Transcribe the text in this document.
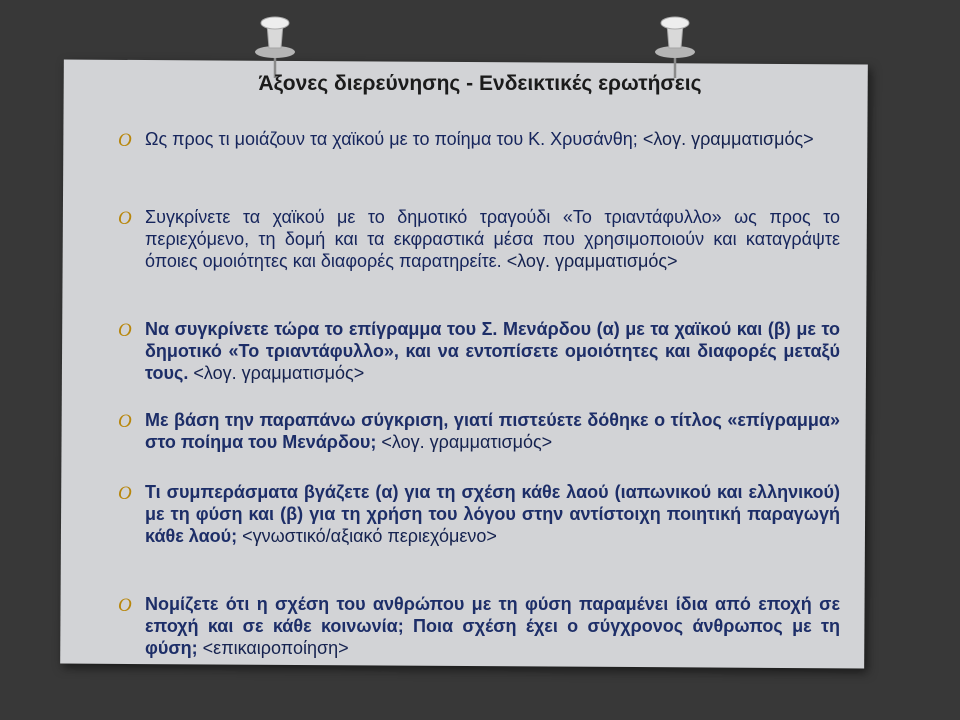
Άξονες διερεύνησης - Ενδεικτικές ερωτήσεις
O Ως προς τι μοιάζουν τα χαϊκού με το ποίημα του Κ. Χρυσάνθη; <λογ. γραμματισμός>
O Συγκρίνετε τα χαϊκού με το δημοτικό τραγούδι «Το τριαντάφυλλο» ως προς το περιεχόμενο, τη δομή και τα εκφραστικά μέσα που χρησιμοποιούν και καταγράψτε όποιες ομοιότητες και διαφορές παρατηρείτε. <λογ. γραμματισμός>
O Να συγκρίνετε τώρα το επίγραμμα του Σ. Μενάρδου (α) με τα χαϊκού και (β) με το δημοτικό «Το τριαντάφυλλο», και να εντοπίσετε ομοιότητες και διαφορές μεταξύ τους. <λογ. γραμματισμός>
O Με βάση την παραπάνω σύγκριση, γιατί πιστεύετε δόθηκε ο τίτλος «επίγραμμα» στο ποίημα του Μενάρδου; <λογ. γραμματισμός>
O Τι συμπεράσματα βγάζετε (α) για τη σχέση κάθε λαού (ιαπωνικού και ελληνικού) με τη φύση και (β) για τη χρήση του λόγου στην αντίστοιχη ποιητική παραγωγή κάθε λαού; <γνωστικό/αξιακό περιεχόμενο>
O Νομίζετε ότι η σχέση του ανθρώπου με τη φύση παραμένει ίδια από εποχή σε εποχή και σε κάθε κοινωνία; Ποια σχέση έχει ο σύγχρονος άνθρωπος με τη φύση; <επικαιροποίηση>
